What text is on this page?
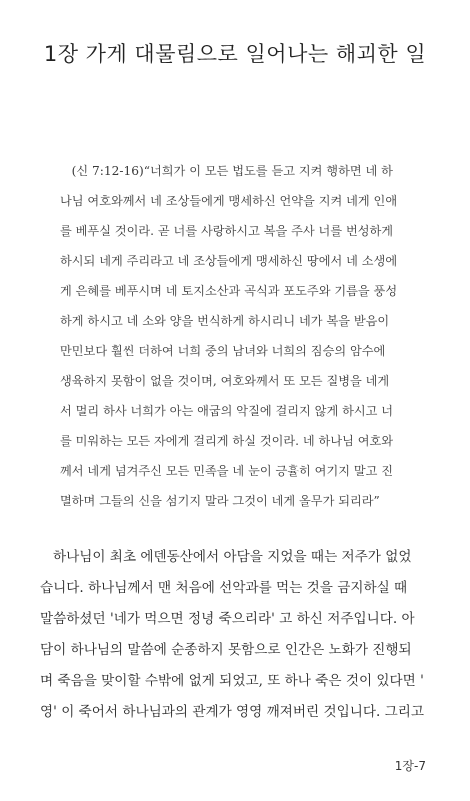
1장 가게 대물림으로 일어나는 해괴한 일
(신 7:12-16)“너희가 이 모든 법도를 듣고 지켜 행하면 네 하
나님 여호와께서 네 조상들에게 맹세하신 언약을 지켜 네게 인애
를 베푸실 것이라. 곧 너를 사랑하시고 복을 주사 너를 번성하게
하시되 네게 주리라고 네 조상들에게 맹세하신 땅에서 네 소생에
게 은혜를 베푸시며 네 토지소산과 곡식과 포도주와 기름을 풍성
하게 하시고 네 소와 양을 번식하게 하시리니 네가 복을 받음이
만민보다 훨씬 더하여 너희 중의 남녀와 너희의 짐승의 암수에
생육하지 못함이 없을 것이며, 여호와께서 또 모든 질병을 네게
서 멀리 하사 너희가 아는 애굽의 악질에 걸리지 않게 하시고 너
를 미워하는 모든 자에게 걸리게 하실 것이라. 네 하나님 여호와
께서 네게 넘겨주신 모든 민족을 네 눈이 긍휼히 여기지 말고 진
멸하며 그들의 신을 섬기지 말라 그것이 네게 올무가 되리라”
하나님이 최초 에덴동산에서 아담을 지었을 때는 저주가 없었
습니다. 하나님께서 맨 처음에 선악과를 먹는 것을 금지하실 때
말씀하셨던 '네가 먹으면 정녕 죽으리라' 고 하신 저주입니다. 아
담이 하나님의 말씀에 순종하지 못함으로 인간은 노화가 진행되
며 죽음을 맞이할 수밖에 없게 되었고, 또 하나 죽은 것이 있다면 '
영' 이 죽어서 하나님과의 관계가 영영 깨져버린 것입니다. 그리고
1장-7
